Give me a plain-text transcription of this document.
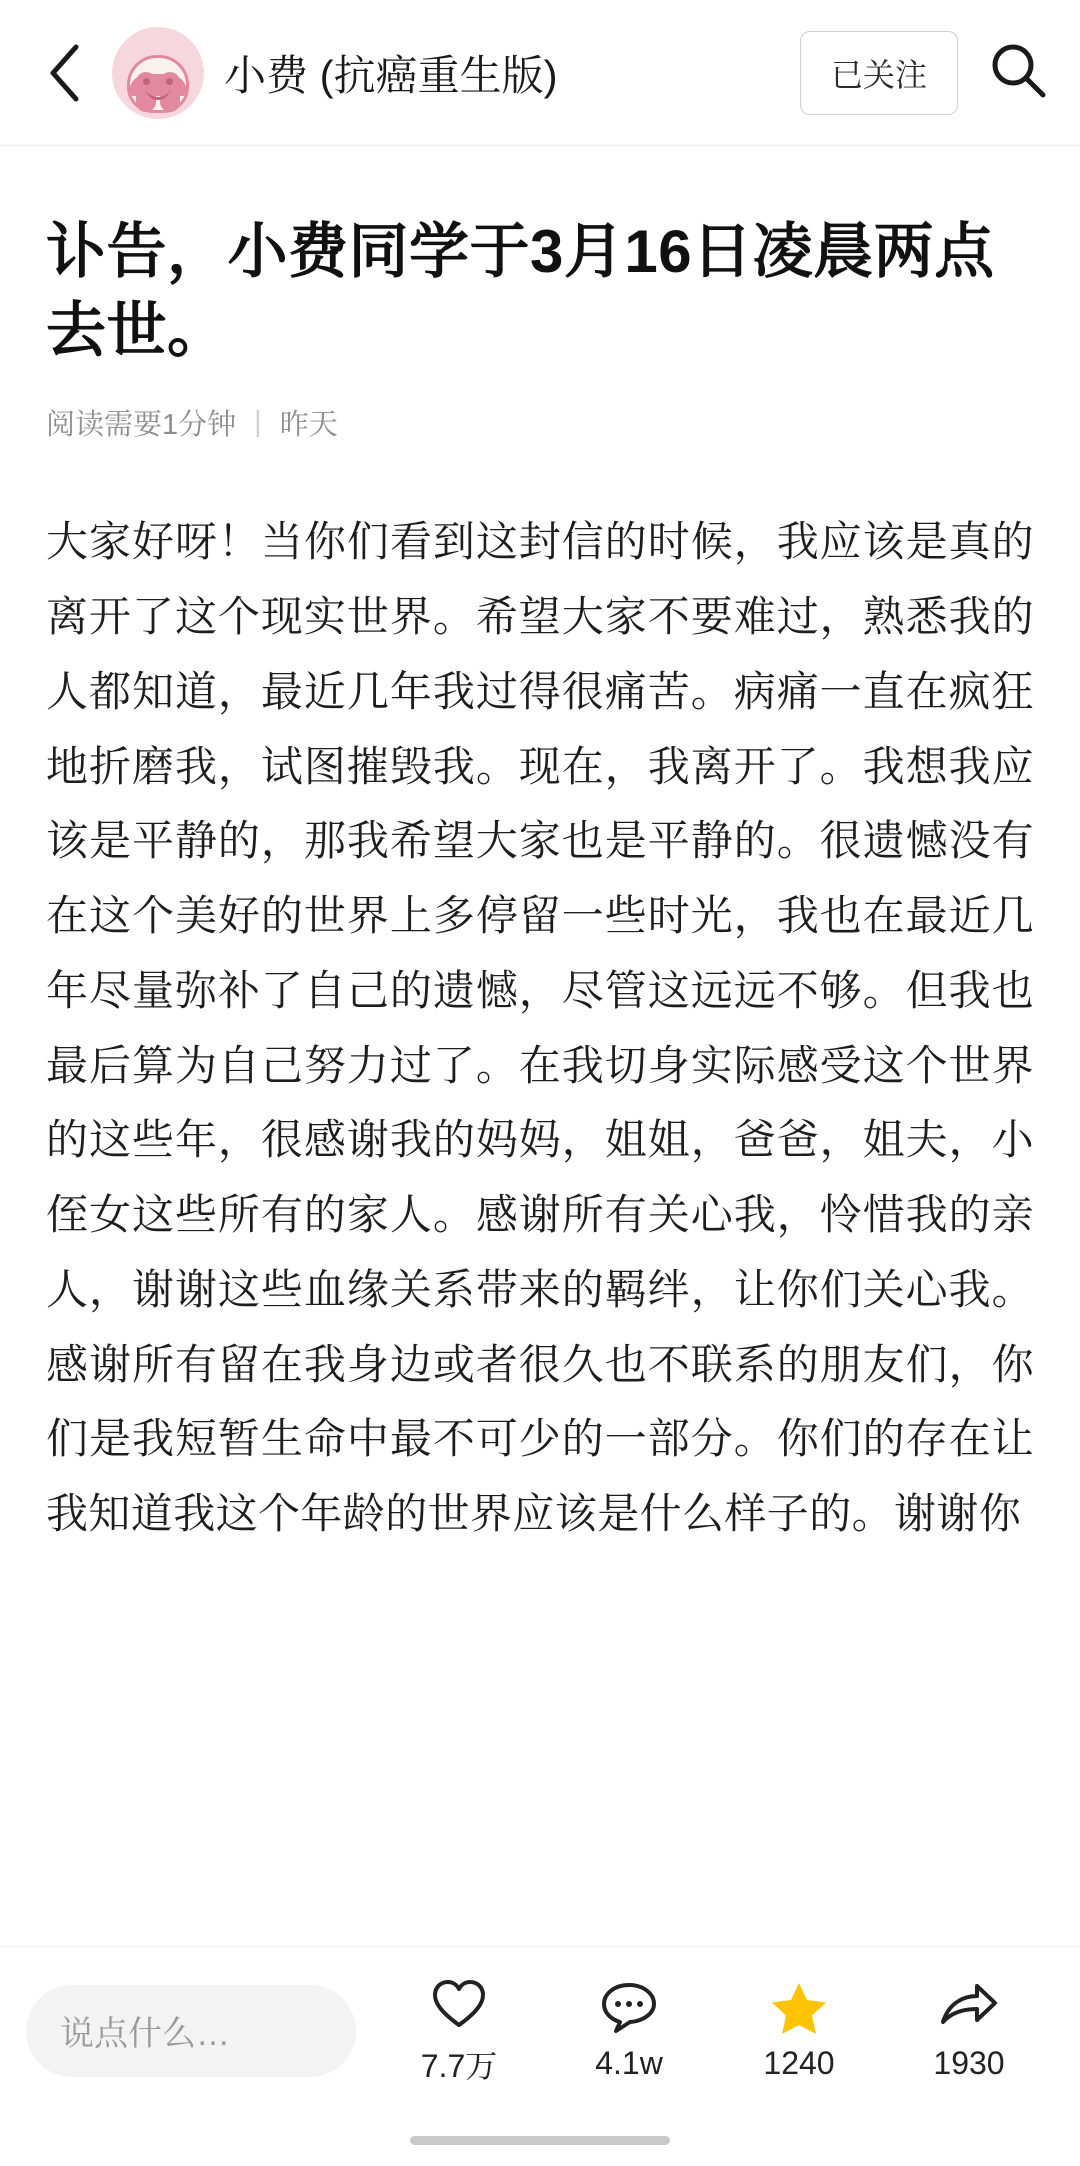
小费 (抗癌重生版)	已关注
讣告，小费同学于3月16日凌晨两点去世。
阅读需要1分钟 | 昨天
大家好呀！当你们看到这封信的时候，我应该是真的离开了这个现实世界。希望大家不要难过，熟悉我的人都知道，最近几年我过得很痛苦。病痛一直在疯狂地折磨我，试图摧毁我。现在，我离开了。我想我应该是平静的，那我希望大家也是平静的。很遗憾没有在这个美好的世界上多停留一些时光，我也在最近几年尽量弥补了自己的遗憾，尽管这远远不够。但我也最后算为自己努力过了。在我切身实际感受这个世界的这些年，很感谢我的妈妈，姐姐，爸爸，姐夫，小侄女这些所有的家人。感谢所有关心我，怜惜我的亲人，谢谢这些血缘关系带来的羁绊，让你们关心我。感谢所有留在我身边或者很久也不联系的朋友们，你们是我短暂生命中最不可少的一部分。你们的存在让我知道我这个年龄的世界应该是什么样子的。谢谢你
说点什么…
7.7万	4.1w	1240	1930
